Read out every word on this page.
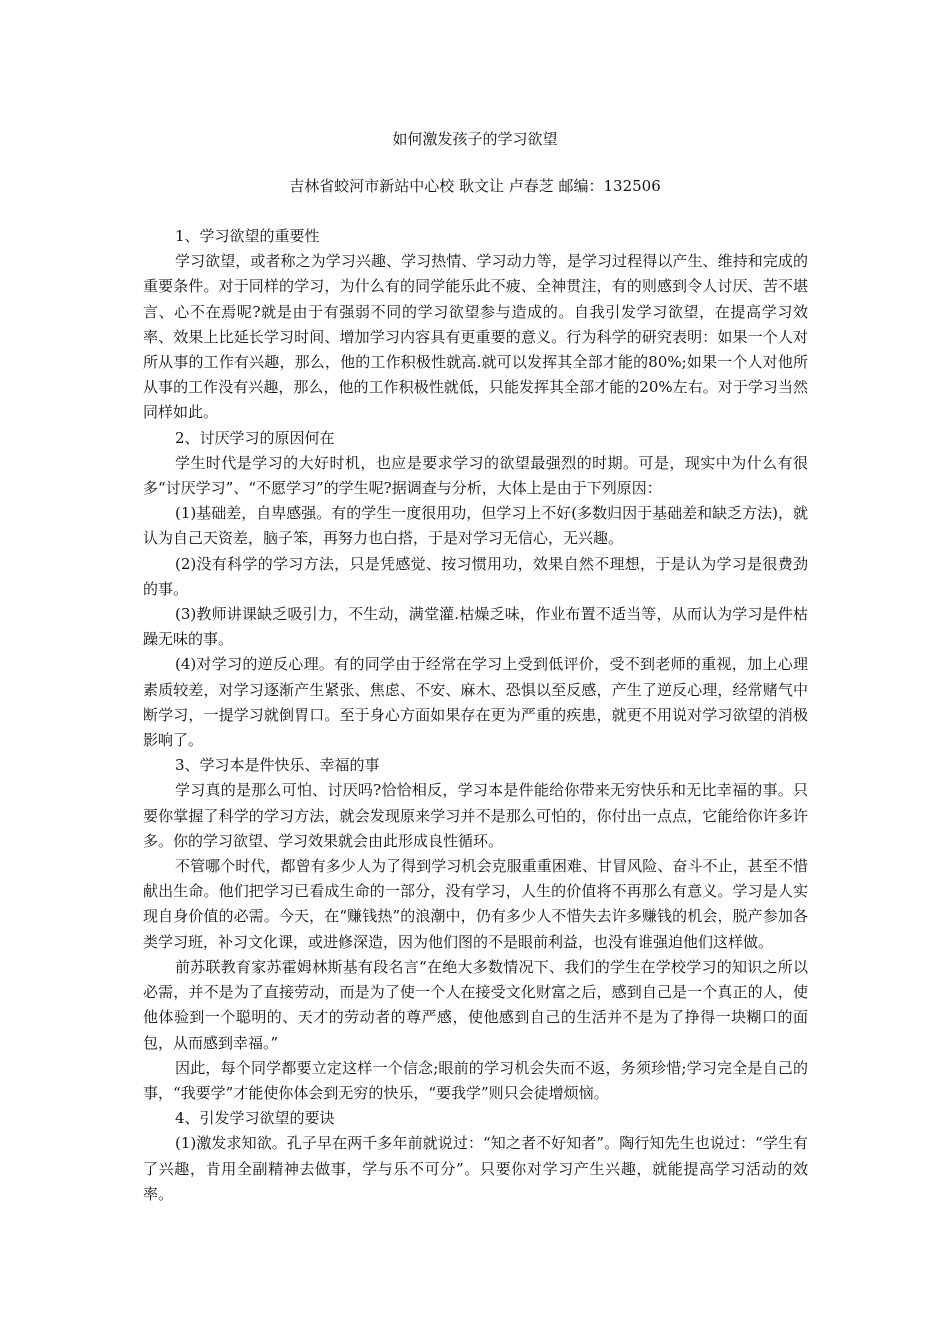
如何激发孩子的学习欲望

吉林省蛟河市新站中心校 耿文让 卢春芝 邮编：132506

1、学习欲望的重要性

学习欲望，或者称之为学习兴趣、学习热情、学习动力等，是学习过程得以产生、维持和完成的重要条件。对于同样的学习，为什么有的同学能乐此不疲、全神贯注，有的则感到令人讨厌、苦不堪言、心不在焉呢?就是由于有强弱不同的学习欲望参与造成的。自我引发学习欲望，在提高学习效率、效果上比延长学习时间、增加学习内容具有更重要的意义。行为科学的研究表明：如果一个人对所从事的工作有兴趣，那么，他的工作积极性就高.就可以发挥其全部才能的80%;如果一个人对他所从事的工作没有兴趣，那么，他的工作积极性就低，只能发挥其全部才能的20%左右。对于学习当然同样如此。

2、讨厌学习的原因何在

学生时代是学习的大好时机，也应是要求学习的欲望最强烈的时期。可是，现实中为什么有很多“讨厌学习”、“不愿学习”的学生呢?据调查与分析，大体上是由于下列原因：

(1)基础差，自卑感强。有的学生一度很用功，但学习上不好(多数归因于基础差和缺乏方法)，就认为自己天资差，脑子笨，再努力也白搭，于是对学习无信心，无兴趣。

(2)没有科学的学习方法，只是凭感觉、按习惯用功，效果自然不理想，于是认为学习是很费劲的事。

(3)教师讲课缺乏吸引力，不生动，满堂灌.枯燥乏味，作业布置不适当等，从而认为学习是件枯躁无味的事。

(4)对学习的逆反心理。有的同学由于经常在学习上受到低评价，受不到老师的重视，加上心理素质较差，对学习逐渐产生紧张、焦虑、不安、麻木、恐惧以至反感，产生了逆反心理，经常赌气中断学习，一提学习就倒胃口。至于身心方面如果存在更为严重的疾患，就更不用说对学习欲望的消极影响了。

3、学习本是件快乐、幸福的事

学习真的是那么可怕、讨厌吗?恰恰相反，学习本是件能给你带来无穷快乐和无比幸福的事。只要你掌握了科学的学习方法，就会发现原来学习并不是那么可怕的，你付出一点点，它能给你许多许多。你的学习欲望、学习效果就会由此形成良性循环。

不管哪个时代，都曾有多少人为了得到学习机会克服重重困难、甘冒风险、奋斗不止，甚至不惜献出生命。他们把学习已看成生命的一部分，没有学习，人生的价值将不再那么有意义。学习是人实现自身价值的必需。今天，在“赚钱热”的浪潮中，仍有多少人不惜失去许多赚钱的机会，脱产参加各类学习班，补习文化课，或进修深造，因为他们图的不是眼前利益，也没有谁强迫他们这样做。

前苏联教育家苏霍姆林斯基有段名言“在绝大多数情况下、我们的学生在学校学习的知识之所以必需，并不是为了直接劳动，而是为了使一个人在接受文化财富之后，感到自己是一个真正的人，使他体验到一个聪明的、天才的劳动者的尊严感，使他感到自己的生活并不是为了挣得一块糊口的面包，从而感到幸福。”

因此，每个同学都要立定这样一个信念;眼前的学习机会失而不返，务须珍惜;学习完全是自己的事，“我要学”才能使你体会到无穷的快乐，“要我学”则只会徒增烦恼。

4、引发学习欲望的要诀

(1)激发求知欲。孔子早在两千多年前就说过：“知之者不好知者”。陶行知先生也说过：“学生有了兴趣，肯用全副精神去做事，学与乐不可分”。只要你对学习产生兴趣，就能提高学习活动的效率。
